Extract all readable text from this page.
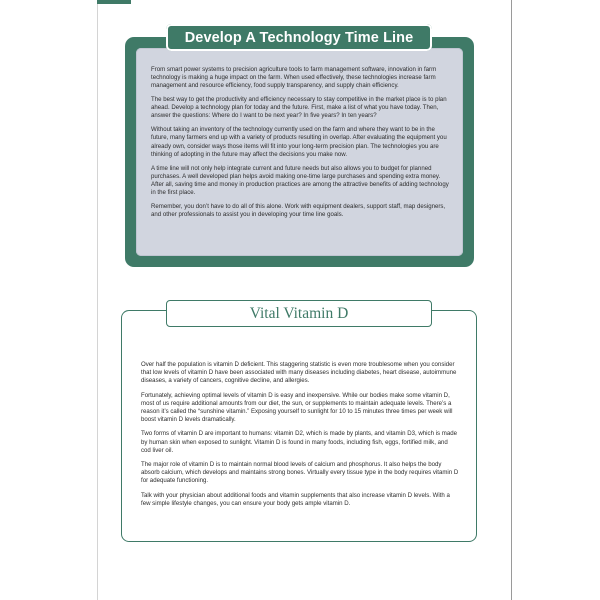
Develop A Technology Time Line

From smart power systems to precision agriculture tools to farm management software, innovation in farm technology is making a huge impact on the farm. When used effectively, these technologies increase farm management and resource efficiency, food supply transparency, and supply chain efficiency.

The best way to get the productivity and efficiency necessary to stay competitive in the market place is to plan ahead. Develop a technology plan for today and the future. First, make a list of what you have today. Then, answer the questions: Where do I want to be next year? In five years? In ten years?

Without taking an inventory of the technology currently used on the farm and where they want to be in the future, many farmers end up with a variety of products resulting in overlap. After evaluating the equipment you already own, consider ways those items will fit into your long-term precision plan. The technologies you are thinking of adopting in the future may affect the decisions you make now.

A time line will not only help integrate current and future needs but also allows you to budget for planned purchases. A well developed plan helps avoid making one-time large purchases and spending extra money. After all, saving time and money in production practices are among the attractive benefits of adding technology in the first place.

Remember, you don’t have to do all of this alone. Work with equipment dealers, support staff, map designers, and other professionals to assist you in developing your time line goals.

Vital Vitamin D

Over half the population is vitamin D deficient. This staggering statistic is even more troublesome when you consider that low levels of vitamin D have been associated with many diseases including diabetes, heart disease, autoimmune diseases, a variety of cancers, cognitive decline, and allergies.

Fortunately, achieving optimal levels of vitamin D is easy and inexpensive. While our bodies make some vitamin D, most of us require additional amounts from our diet, the sun, or supplements to maintain adequate levels. There’s a reason it’s called the “sunshine vitamin.” Exposing yourself to sunlight for 10 to 15 minutes three times per week will boost vitamin D levels dramatically.

Two forms of vitamin D are important to humans: vitamin D2, which is made by plants, and vitamin D3, which is made by human skin when exposed to sunlight. Vitamin D is found in many foods, including fish, eggs, fortified milk, and cod liver oil.

The major role of vitamin D is to maintain normal blood levels of calcium and phosphorus. It also helps the body absorb calcium, which develops and maintains strong bones. Virtually every tissue type in the body requires vitamin D for adequate functioning.

Talk with your physician about additional foods and vitamin supplements that also increase vitamin D levels. With a few simple lifestyle changes, you can ensure your body gets ample vitamin D.
